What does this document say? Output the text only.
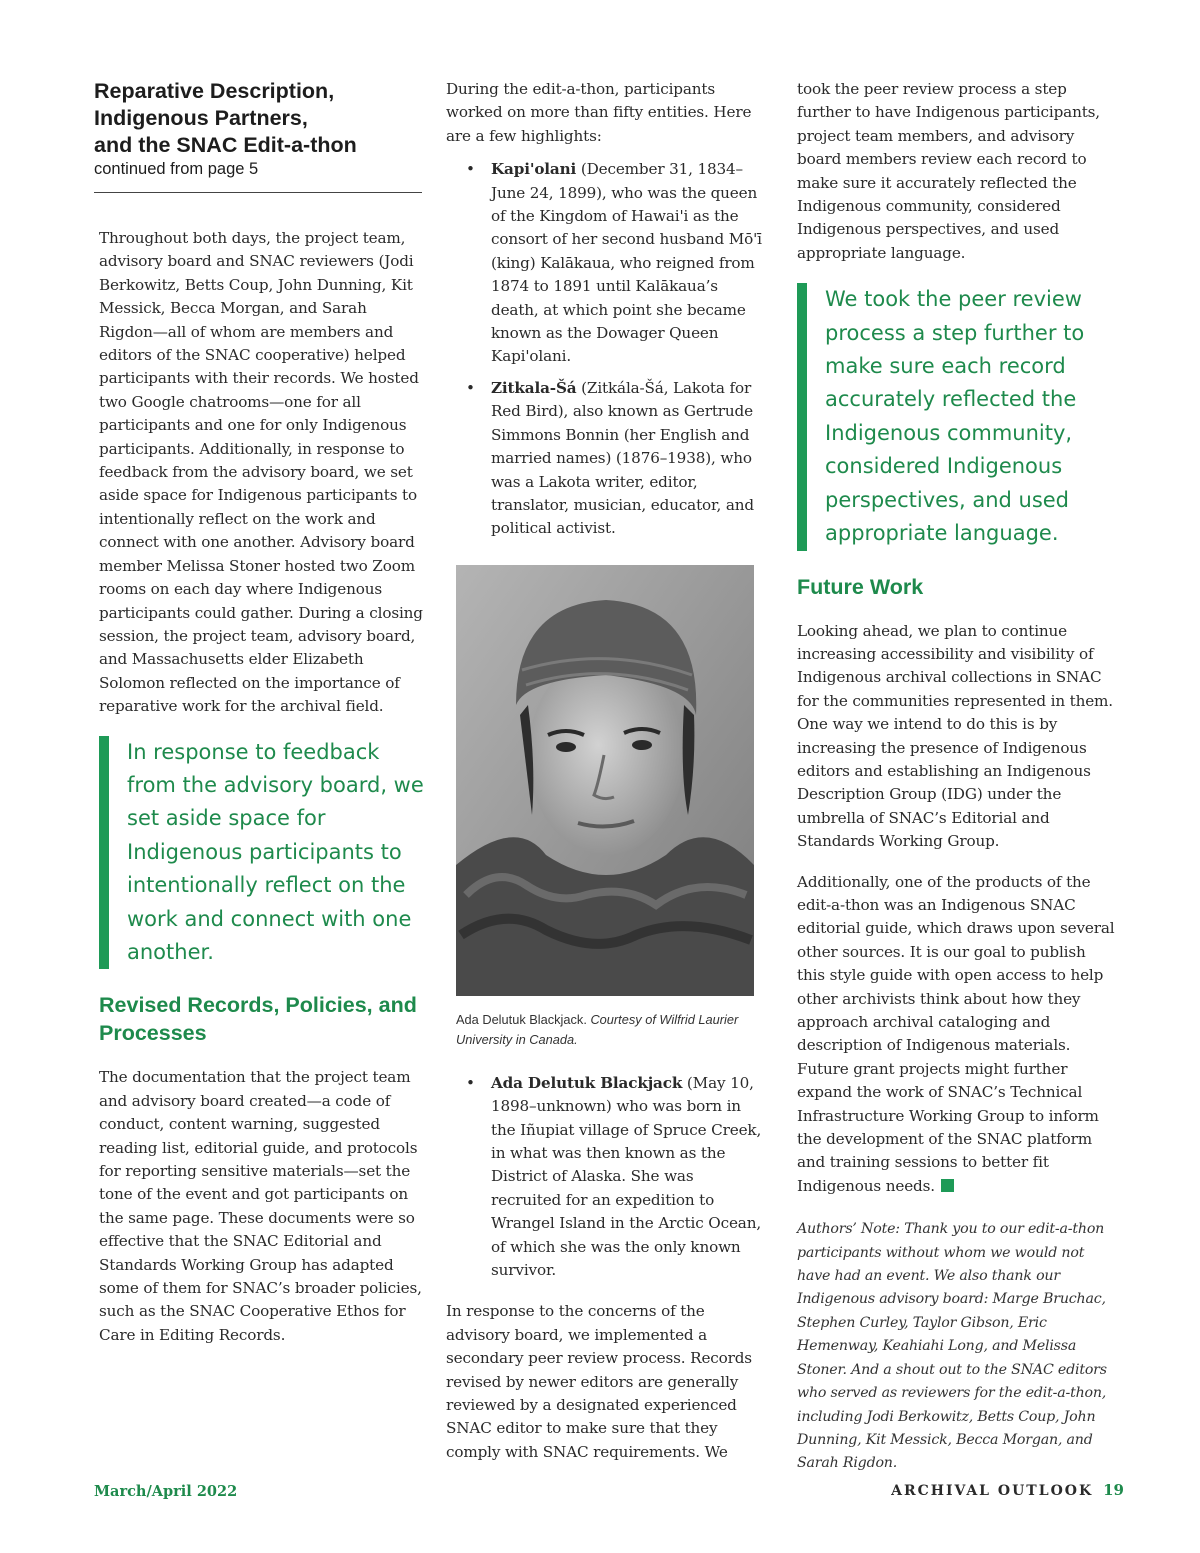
Reparative Description,
Indigenous Partners,
and the SNAC Edit-a-thon
continued from page 5

Throughout both days, the project team, advisory board and SNAC reviewers (Jodi Berkowitz, Betts Coup, John Dunning, Kit Messick, Becca Morgan, and Sarah Rigdon—all of whom are members and editors of the SNAC cooperative) helped participants with their records. We hosted two Google chatrooms—one for all participants and one for only Indigenous participants. Additionally, in response to feedback from the advisory board, we set aside space for Indigenous participants to intentionally reflect on the work and connect with one another. Advisory board member Melissa Stoner hosted two Zoom rooms on each day where Indigenous participants could gather. During a closing session, the project team, advisory board, and Massachusetts elder Elizabeth Solomon reflected on the importance of reparative work for the archival field.

In response to feedback from the advisory board, we set aside space for Indigenous participants to intentionally reflect on the work and connect with one another.
Revised Records, Policies, and Processes

The documentation that the project team and advisory board created—a code of conduct, content warning, suggested reading list, editorial guide, and protocols for reporting sensitive materials—set the tone of the event and got participants on the same page. These documents were so effective that the SNAC Editorial and Standards Working Group has adapted some of them for SNAC’s broader policies, such as the SNAC Cooperative Ethos for Care in Editing Records.

During the edit-a-thon, participants worked on more than fifty entities. Here are a few highlights:

• Kapi'olani (December 31, 1834–June 24, 1899), who was the queen of the Kingdom of Hawai'i as the consort of her second husband Mō'ī (king) Kalākaua, who reigned from 1874 to 1891 until Kalākaua’s death, at which point she became known as the Dowager Queen Kapi'olani.
• Zitkala-Šá (Zitkála-Šá, Lakota for Red Bird), also known as Gertrude Simmons Bonnin (her English and married names) (1876–1938), who was a Lakota writer, editor, translator, musician, educator, and political activist.
Ada Delutuk Blackjack. Courtesy of Wilfrid Laurier University in Canada.
• Ada Delutuk Blackjack (May 10, 1898–unknown) who was born in the Iñupiat village of Spruce Creek, in what was then known as the District of Alaska. She was recruited for an expedition to Wrangel Island in the Arctic Ocean, of which she was the only known survivor.

In response to the concerns of the advisory board, we implemented a secondary peer review process. Records revised by newer editors are generally reviewed by a designated experienced SNAC editor to make sure that they comply with SNAC requirements. We

took the peer review process a step further to have Indigenous participants, project team members, and advisory board members review each record to make sure it accurately reflected the Indigenous community, considered Indigenous perspectives, and used appropriate language.

We took the peer review process a step further to make sure each record accurately reflected the Indigenous community, considered Indigenous perspectives, and used appropriate language.
Future Work

Looking ahead, we plan to continue increasing accessibility and visibility of Indigenous archival collections in SNAC for the communities represented in them. One way we intend to do this is by increasing the presence of Indigenous editors and establishing an Indigenous Description Group (IDG) under the umbrella of SNAC’s Editorial and Standards Working Group.

Additionally, one of the products of the edit-a-thon was an Indigenous SNAC editorial guide, which draws upon several other sources. It is our goal to publish this style guide with open access to help other archivists think about how they approach archival cataloging and description of Indigenous materials. Future grant projects might further expand the work of SNAC’s Technical Infrastructure Working Group to inform the development of the SNAC platform and training sessions to better fit Indigenous needs.

Authors’ Note: Thank you to our edit-a-thon participants without whom we would not have had an event. We also thank our Indigenous advisory board: Marge Bruchac, Stephen Curley, Taylor Gibson, Eric Hemenway, Keahiahi Long, and Melissa Stoner. And a shout out to the SNAC editors who served as reviewers for the edit-a-thon, including Jodi Berkowitz, Betts Coup, John Dunning, Kit Messick, Becca Morgan, and Sarah Rigdon.

March/April 2022	ARCHIVAL OUTLOOK 19
